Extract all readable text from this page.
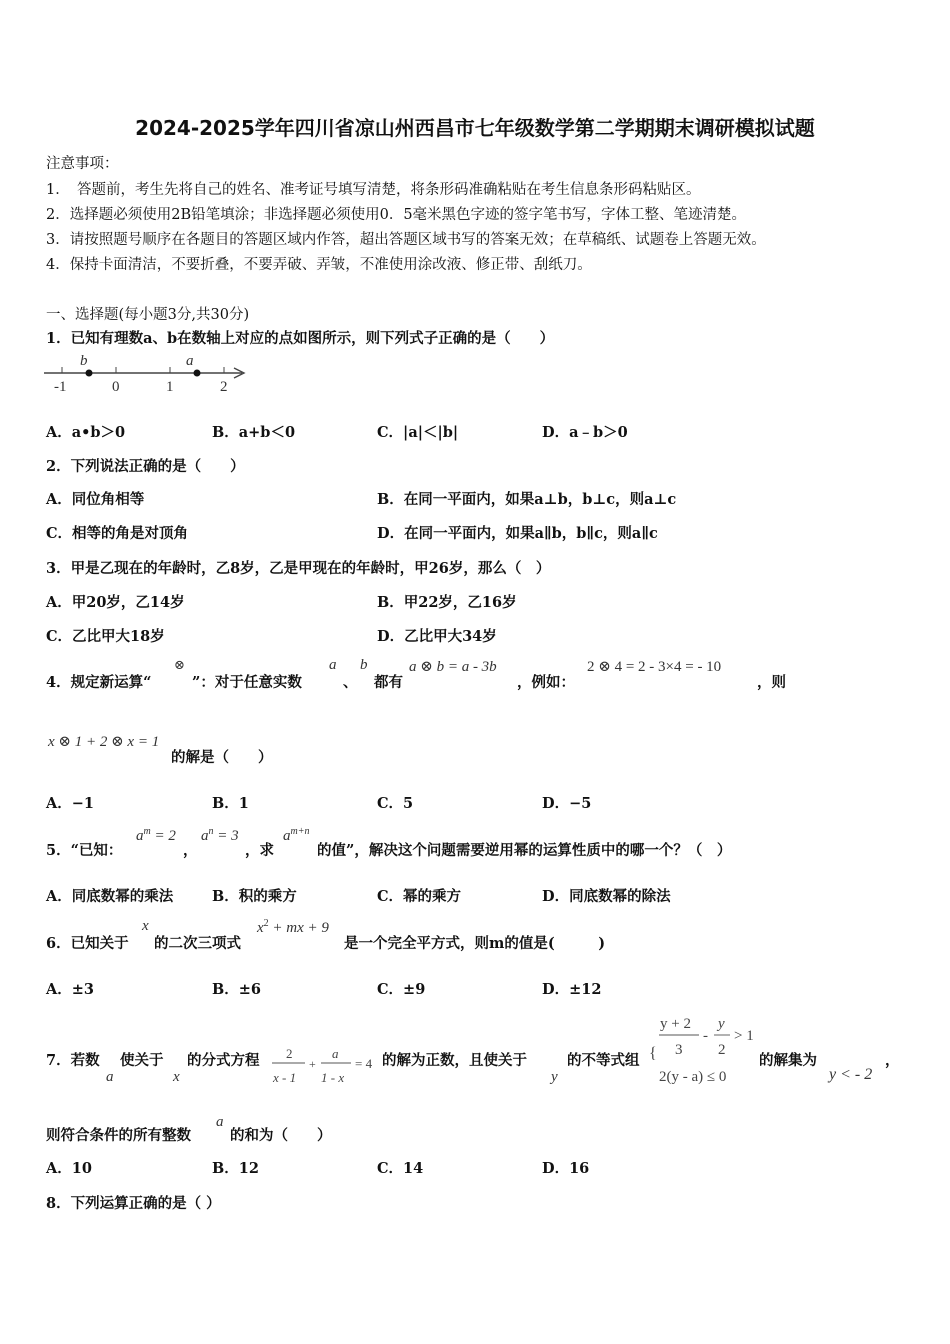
2024-2025学年四川省凉山州西昌市七年级数学第二学期期末调研模拟试题
注意事项：
1．　答题前，考生先将自己的姓名、准考证号填写清楚，将条形码准确粘贴在考生信息条形码粘贴区。
2．选择题必须使用2B铅笔填涂；非选择题必须使用0．5毫米黑色字迹的签字笔书写，字体工整、笔迹清楚。
3．请按照题号顺序在各题目的答题区域内作答，超出答题区域书写的答案无效；在草稿纸、试题卷上答题无效。
4．保持卡面清洁，不要折叠，不要弄破、弄皱，不准使用涂改液、修正带、刮纸刀。
一、选择题(每小题3分,共30分)
1．已知有理数a、b在数轴上对应的点如图所示，则下列式子正确的是（　　）
-1	0	1	2
b	a
A．a•b＞0	B．a+b＜0	C．|a|＜|b|	D．a﹣b＞0
2．下列说法正确的是（　　）
A．同位角相等	B．在同一平面内，如果a⊥b，b⊥c，则a⊥c
C．相等的角是对顶角	D．在同一平面内，如果a∥b，b∥c，则a∥c
3．甲是乙现在的年龄时，乙8岁，乙是甲现在的年龄时，甲26岁，那么（　）
A．甲20岁，乙14岁	B．甲22岁，乙16岁
C．乙比甲大18岁	D．乙比甲大34岁
4．规定新运算“
⊗
”：对于任意实数
a
、
b
都有
a ⊗ b = a - 3b
，例如：
2 ⊗ 4 = 2 - 3×4 = - 10
，则
x ⊗ 1 + 2 ⊗ x = 1
的解是（　　）
A．−1	B．1	C．5	D．−5
5．“已知：
$a^m = 2$
，
$a^n = 3$
，求
$a^{m+n}$
的值”，解决这个问题需要逆用幂的运算性质中的哪一个？（　）
A．同底数幂的乘法	B．积的乘方	C．幂的乘方	D．同底数幂的除法
6．已知关于
x
的二次三项式
$x^2$ + mx + 9
是一个完全平方式，则m的值是(　　　)
A．±3	B．±6	C．±9	D．±12
7．若数
a
使关于
x
的分式方程 2
x - 1
+
a
1 - x
= 4 的解为正数，且使关于
y
的不等式组 {
y + 2
3
-
y
2
> 1
2(y - a) ≤ 0
的解集为
y < - 2
，
则符合条件的所有整数
a
的和为（　　）
A．10	B．12	C．14	D．16
8．下列运算正确的是（ ）
